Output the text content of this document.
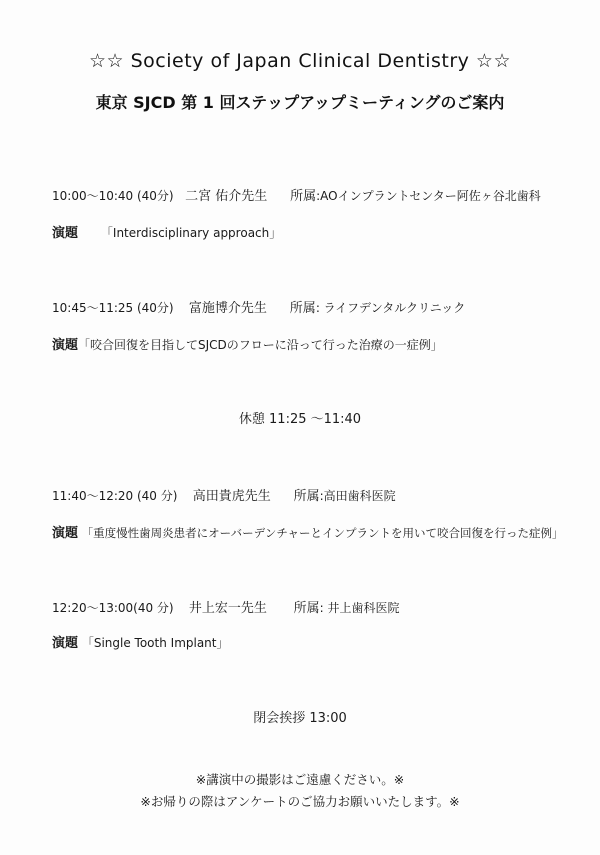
☆☆ Society of Japan Clinical Dentistry ☆☆
東京 SJCD 第 1 回ステップアップミーティングのご案内
10:00〜10:40 (40分) 二宮 佑介先生 所属:AOインプラントセンター阿佐ヶ谷北歯科
演題 「Interdisciplinary approach」
10:45〜11:25 (40分) 富施博介先生 所属: ライフデンタルクリニック
演題「咬合回復を目指してSJCDのフローに沿って行った治療の一症例」
休憩 11:25 〜11:40
11:40〜12:20 (40 分) 高田貴虎先生 所属:高田歯科医院
演題 「重度慢性歯周炎患者にオーバーデンチャーとインプラントを用いて咬合回復を行った症例」
12:20〜13:00(40 分) 井上宏一先生 所属: 井上歯科医院
演題 「Single Tooth Implant」
閉会挨拶 13:00
※講演中の撮影はご遠慮ください。※
※お帰りの際はアンケートのご協力お願いいたします。※
